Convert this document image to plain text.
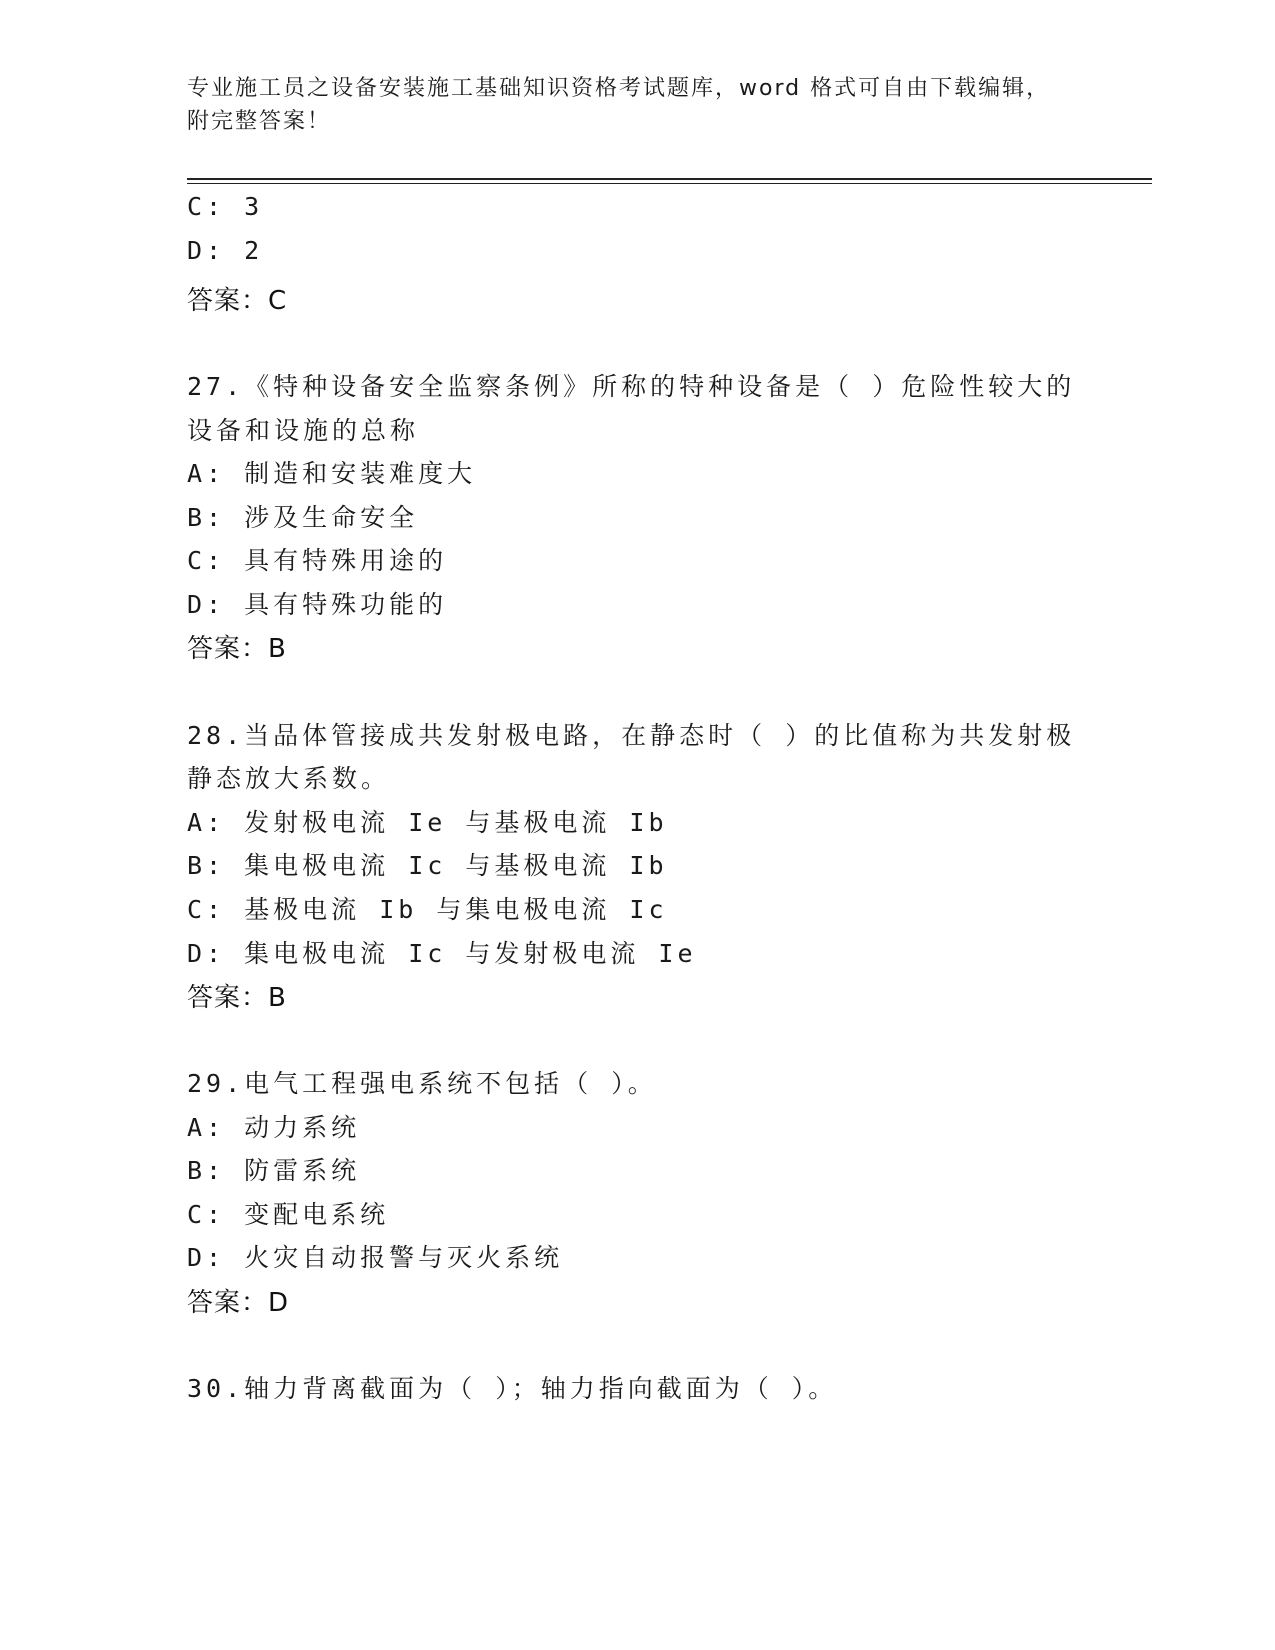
专业施工员之设备安装施工基础知识资格考试题库，word 格式可自由下载编辑，
附完整答案！
C: 3
D: 2
答案：C
27.《特种设备安全监察条例》所称的特种设备是（ ）危险性较大的
设备和设施的总称
A: 制造和安装难度大
B: 涉及生命安全
C: 具有特殊用途的
D: 具有特殊功能的
答案：B
28.当品体管接成共发射极电路，在静态时（ ）的比值称为共发射极
静态放大系数。
A: 发射极电流 Ie 与基极电流 Ib
B: 集电极电流 Ic 与基极电流 Ib
C: 基极电流 Ib 与集电极电流 Ic
D: 集电极电流 Ic 与发射极电流 Ie
答案：B
29.电气工程强电系统不包括（ ）。
A: 动力系统
B: 防雷系统
C: 变配电系统
D: 火灾自动报警与灭火系统
答案：D
30.轴力背离截面为（ ）；轴力指向截面为（ ）。
